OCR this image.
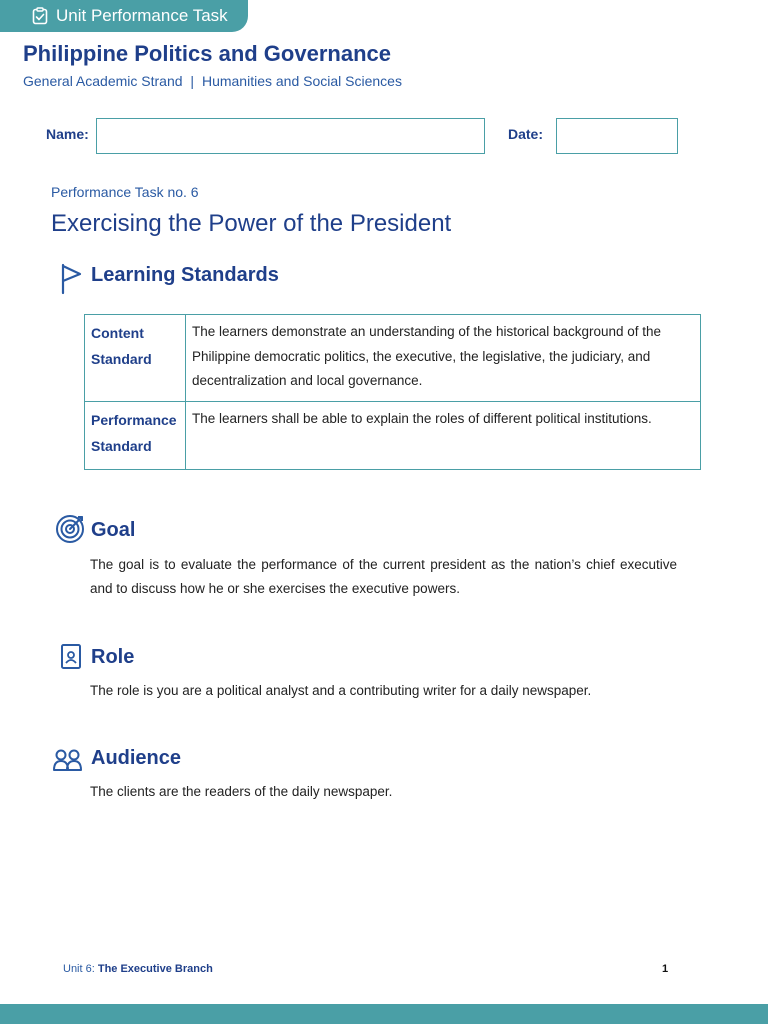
Unit Performance Task
Philippine Politics and Governance
General Academic Strand | Humanities and Social Sciences
Name:	Date:
Performance Task no. 6
Exercising the Power of the President
Learning Standards
Content
Standard	The learners demonstrate an understanding of the historical background of the Philippine democratic politics, the executive, the legislative, the judiciary, and decentralization and local governance.
Performance
Standard	The learners shall be able to explain the roles of different political institutions.
Goal
The goal is to evaluate the performance of the current president as the nation’s chief executive and to discuss how he or she exercises the executive powers.
Role
The role is you are a political analyst and a contributing writer for a daily newspaper.
Audience
The clients are the readers of the daily newspaper.
Unit 6: The Executive Branch	1
